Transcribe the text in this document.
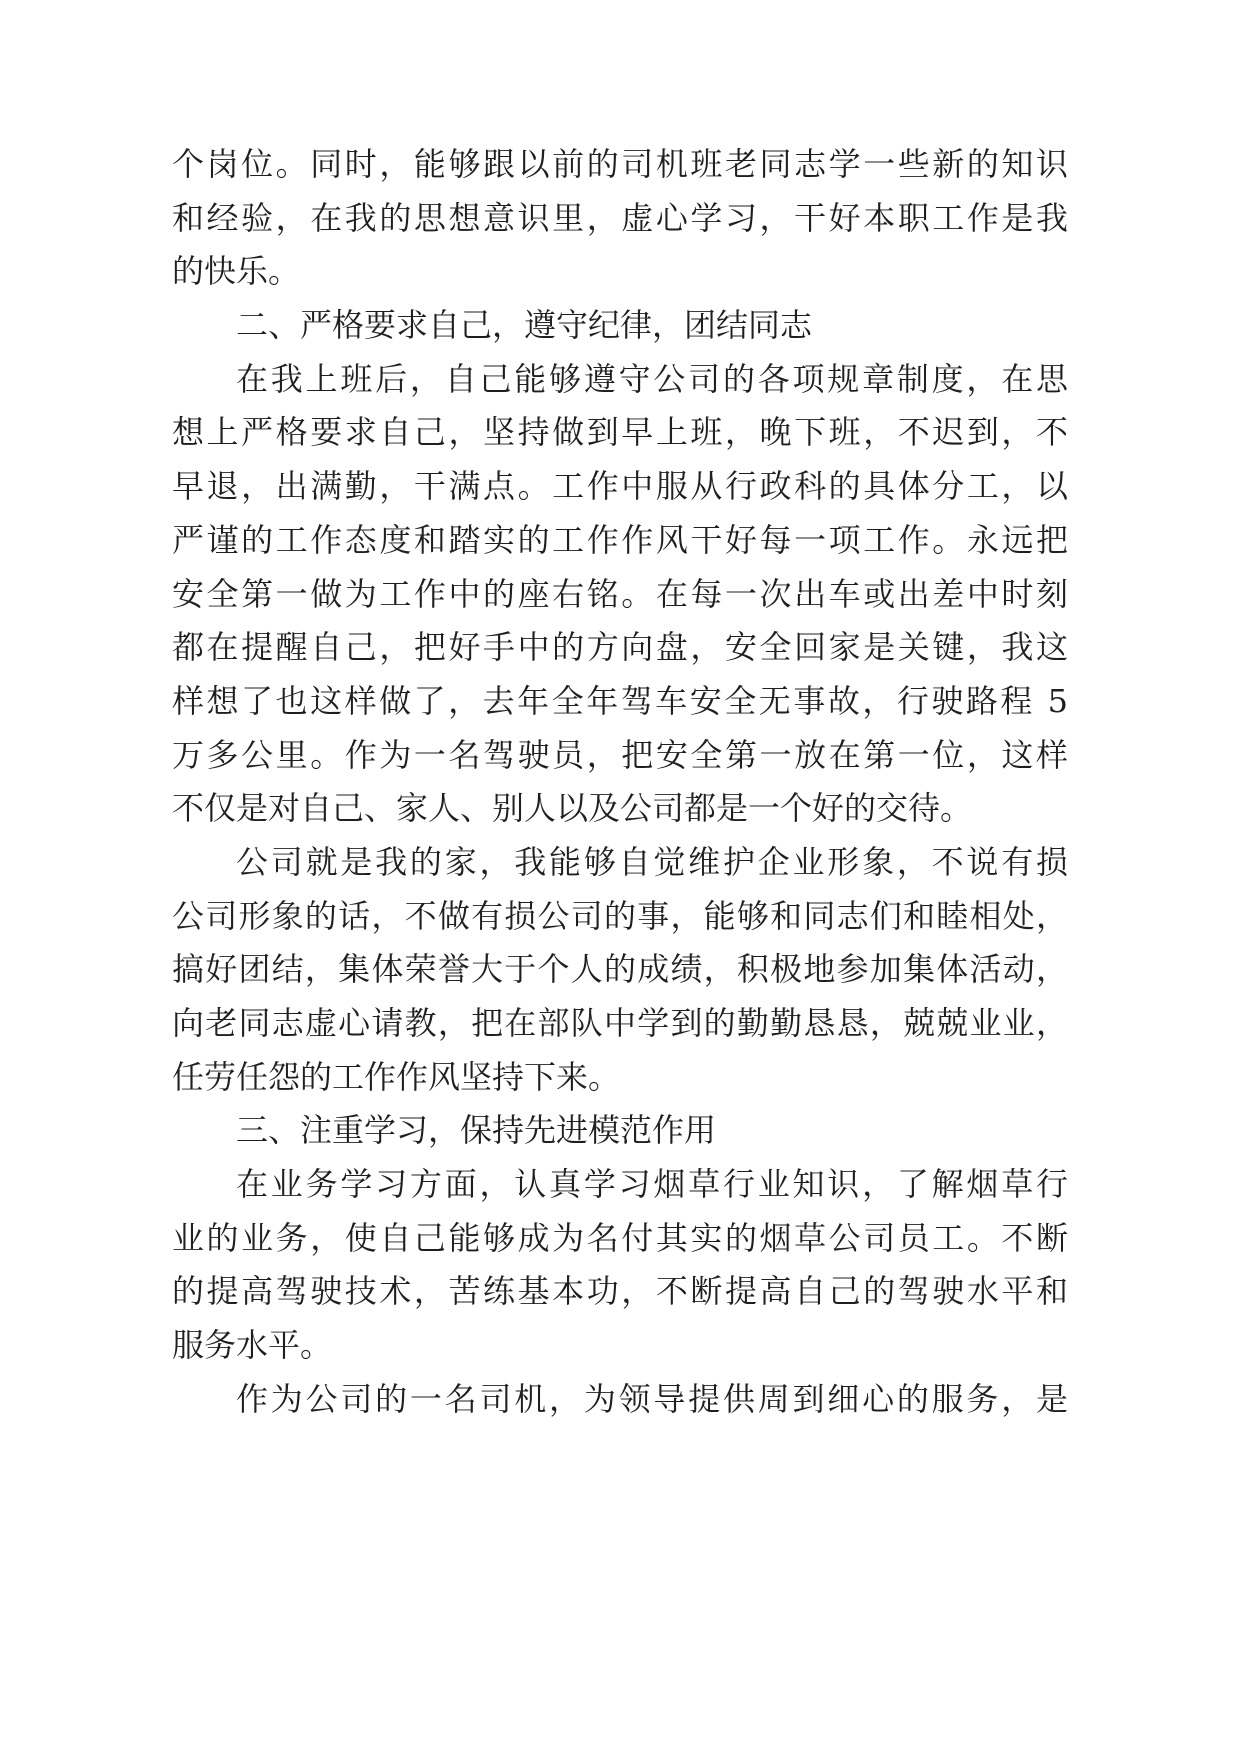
个岗位。同时，能够跟以前的司机班老同志学一些新的知识
和经验，在我的思想意识里，虚心学习，干好本职工作是我
的快乐。
二、严格要求自己，遵守纪律，团结同志
在我上班后，自己能够遵守公司的各项规章制度，在思
想上严格要求自己，坚持做到早上班，晚下班，不迟到，不
早退，出满勤，干满点。工作中服从行政科的具体分工，以
严谨的工作态度和踏实的工作作风干好每一项工作。永远把
安全第一做为工作中的座右铭。在每一次出车或出差中时刻
都在提醒自己，把好手中的方向盘，安全回家是关键，我这
样想了也这样做了，去年全年驾车安全无事故，行驶路程 5
万多公里。作为一名驾驶员，把安全第一放在第一位，这样
不仅是对自己、家人、别人以及公司都是一个好的交待。
公司就是我的家，我能够自觉维护企业形象，不说有损
公司形象的话，不做有损公司的事，能够和同志们和睦相处，
搞好团结，集体荣誉大于个人的成绩，积极地参加集体活动，
向老同志虚心请教，把在部队中学到的勤勤恳恳，兢兢业业，
任劳任怨的工作作风坚持下来。
三、注重学习，保持先进模范作用
在业务学习方面，认真学习烟草行业知识，了解烟草行
业的业务，使自己能够成为名付其实的烟草公司员工。不断
的提高驾驶技术，苦练基本功，不断提高自己的驾驶水平和
服务水平。
作为公司的一名司机，为领导提供周到细心的服务，是
